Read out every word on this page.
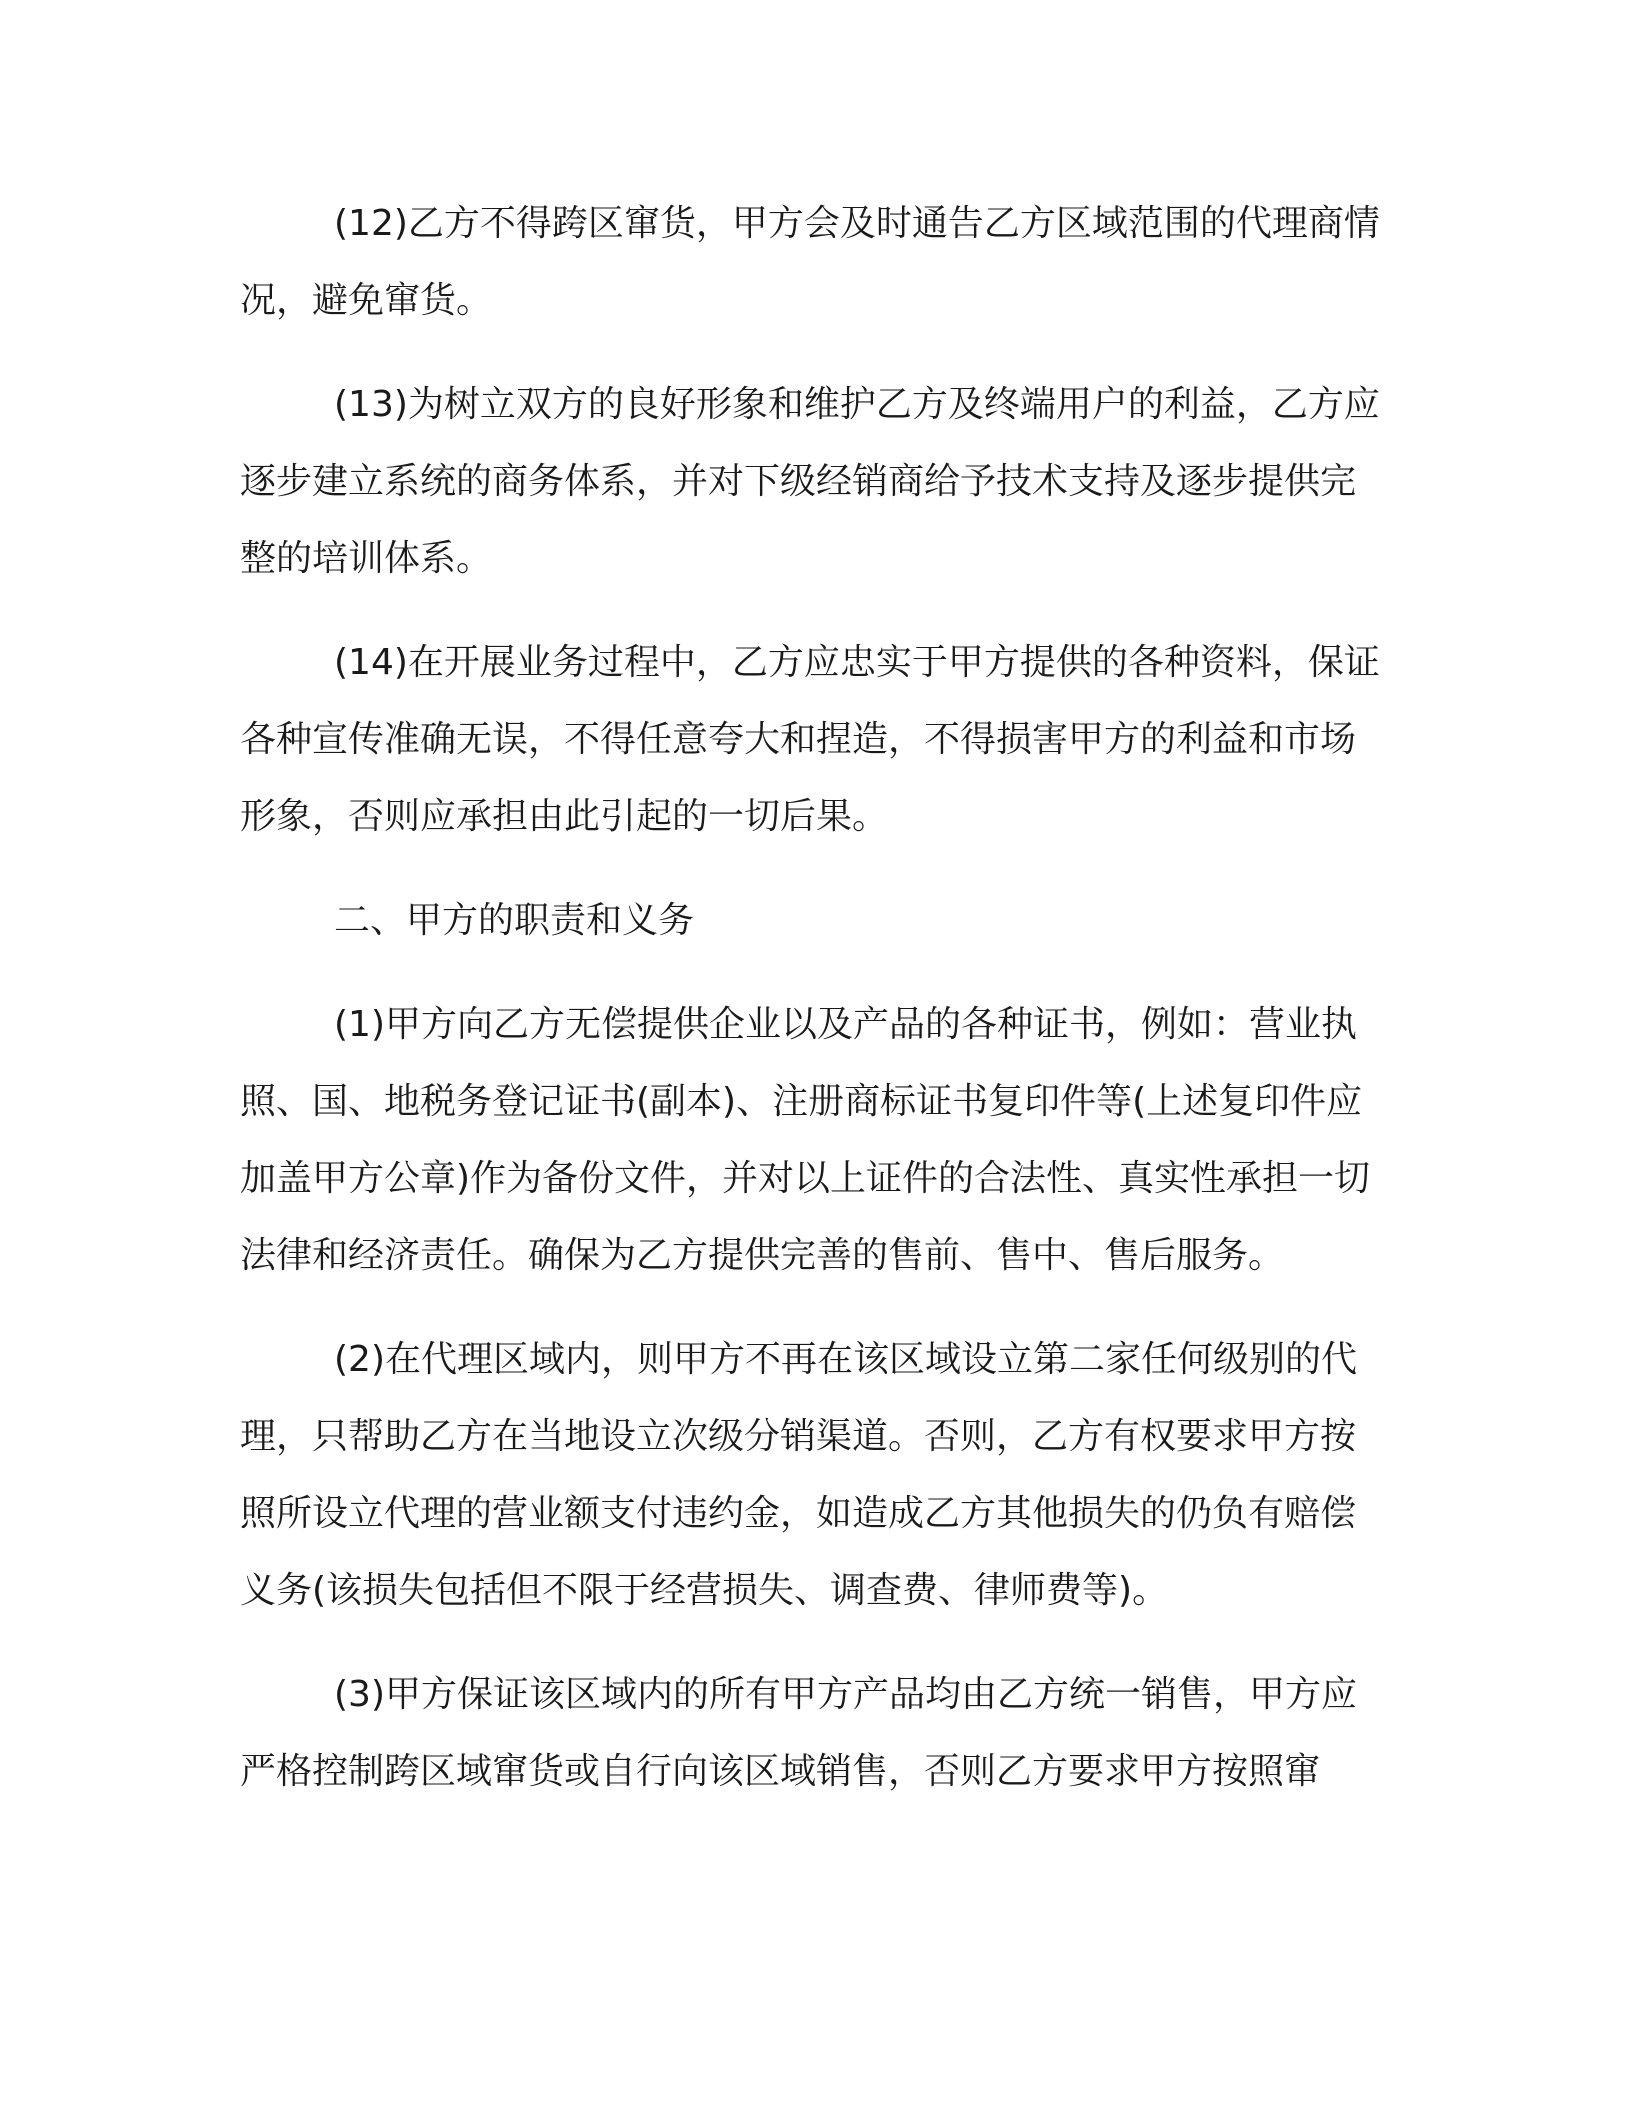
(12)乙方不得跨区窜货，甲方会及时通告乙方区域范围的代理商情况，避免窜货。

(13)为树立双方的良好形象和维护乙方及终端用户的利益，乙方应逐步建立系统的商务体系，并对下级经销商给予技术支持及逐步提供完整的培训体系。

(14)在开展业务过程中，乙方应忠实于甲方提供的各种资料，保证各种宣传准确无误，不得任意夸大和捏造，不得损害甲方的利益和市场形象，否则应承担由此引起的一切后果。

二、甲方的职责和义务

(1)甲方向乙方无偿提供企业以及产品的各种证书，例如：营业执照、国、地税务登记证书(副本)、注册商标证书复印件等(上述复印件应加盖甲方公章)作为备份文件，并对以上证件的合法性、真实性承担一切法律和经济责任。确保为乙方提供完善的售前、售中、售后服务。

(2)在代理区域内，则甲方不再在该区域设立第二家任何级别的代理，只帮助乙方在当地设立次级分销渠道。否则，乙方有权要求甲方按照所设立代理的营业额支付违约金，如造成乙方其他损失的仍负有赔偿义务(该损失包括但不限于经营损失、调查费、律师费等)。

(3)甲方保证该区域内的所有甲方产品均由乙方统一销售，甲方应严格控制跨区域窜货或自行向该区域销售，否则乙方要求甲方按照窜
